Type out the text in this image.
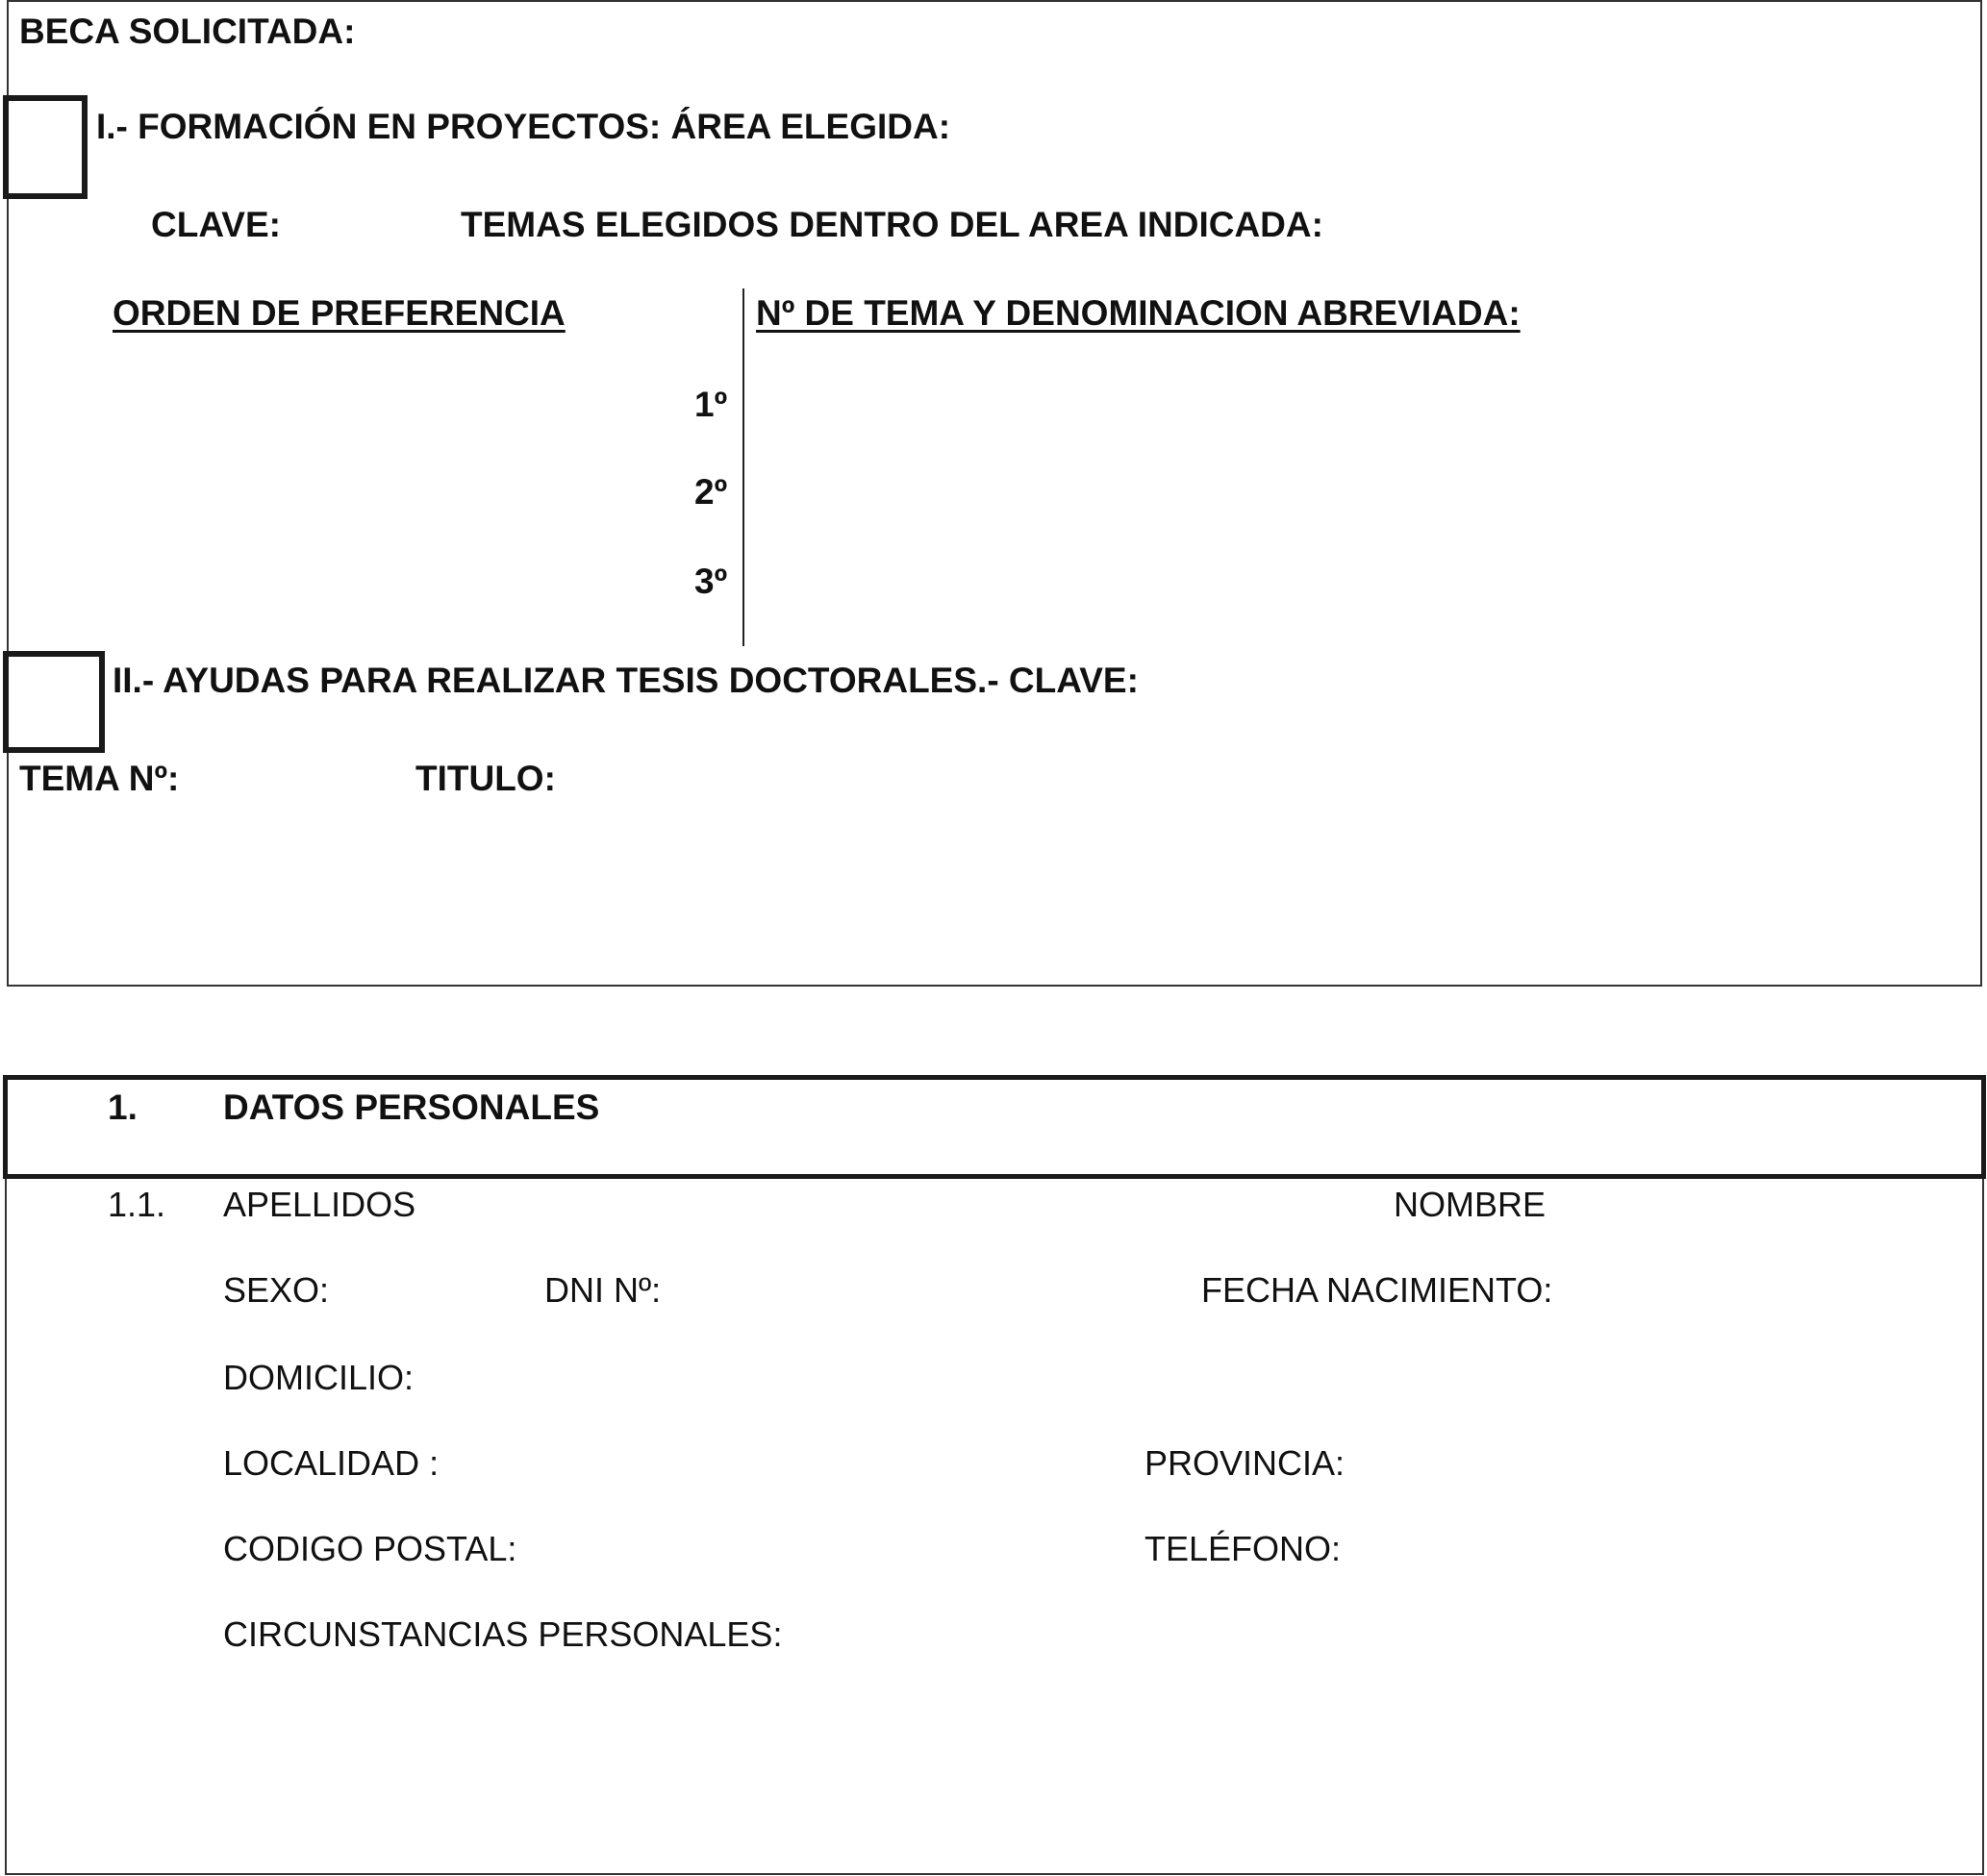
BECA SOLICITADA:
I.- FORMACIÓN EN PROYECTOS: ÁREA ELEGIDA:
CLAVE:	TEMAS ELEGIDOS DENTRO DEL AREA INDICADA:
ORDEN DE PREFERENCIA	Nº DE TEMA Y DENOMINACION ABREVIADA:
1º
2º
3º
II.- AYUDAS PARA REALIZAR TESIS DOCTORALES.- CLAVE:
TEMA Nº:	TITULO:
1. DATOS PERSONALES
1.1. APELLIDOS	NOMBRE
SEXO:	DNI Nº:	FECHA NACIMIENTO:
DOMICILIO:
LOCALIDAD :	PROVINCIA:
CODIGO POSTAL:	TELÉFONO:
CIRCUNSTANCIAS PERSONALES:
